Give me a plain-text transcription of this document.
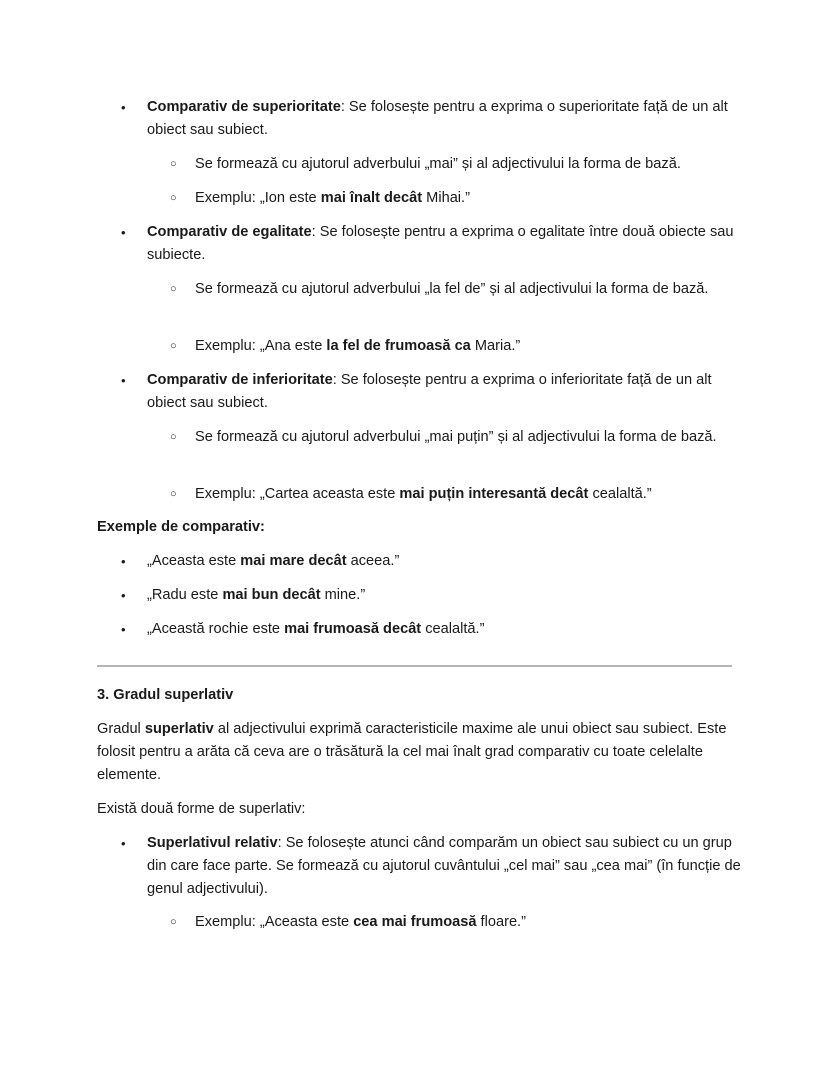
• Comparativ de superioritate: Se folosește pentru a exprima o superioritate față de un alt obiect sau subiect.
○ Se formează cu ajutorul adverbului „mai” și al adjectivului la forma de bază.
○ Exemplu: „Ion este mai înalt decât Mihai.”
• Comparativ de egalitate: Se folosește pentru a exprima o egalitate între două obiecte sau subiecte.
○ Se formează cu ajutorul adverbului „la fel de” și al adjectivului la forma de bază.
○ Exemplu: „Ana este la fel de frumoasă ca Maria.”
• Comparativ de inferioritate: Se folosește pentru a exprima o inferioritate față de un alt obiect sau subiect.
○ Se formează cu ajutorul adverbului „mai puțin” și al adjectivului la forma de bază.
○ Exemplu: „Cartea aceasta este mai puțin interesantă decât cealaltă.”
Exemple de comparativ:
• „Aceasta este mai mare decât aceea.”
• „Radu este mai bun decât mine.”
• „Această rochie este mai frumoasă decât cealaltă.”
3. Gradul superlativ
Gradul superlativ al adjectivului exprimă caracteristicile maxime ale unui obiect sau subiect. Este folosit pentru a arăta că ceva are o trăsătură la cel mai înalt grad comparativ cu toate celelalte elemente.
Există două forme de superlativ:
• Superlativul relativ: Se folosește atunci când comparăm un obiect sau subiect cu un grup din care face parte. Se formează cu ajutorul cuvântului „cel mai” sau „cea mai” (în funcție de genul adjectivului).
○ Exemplu: „Aceasta este cea mai frumoasă floare.”
